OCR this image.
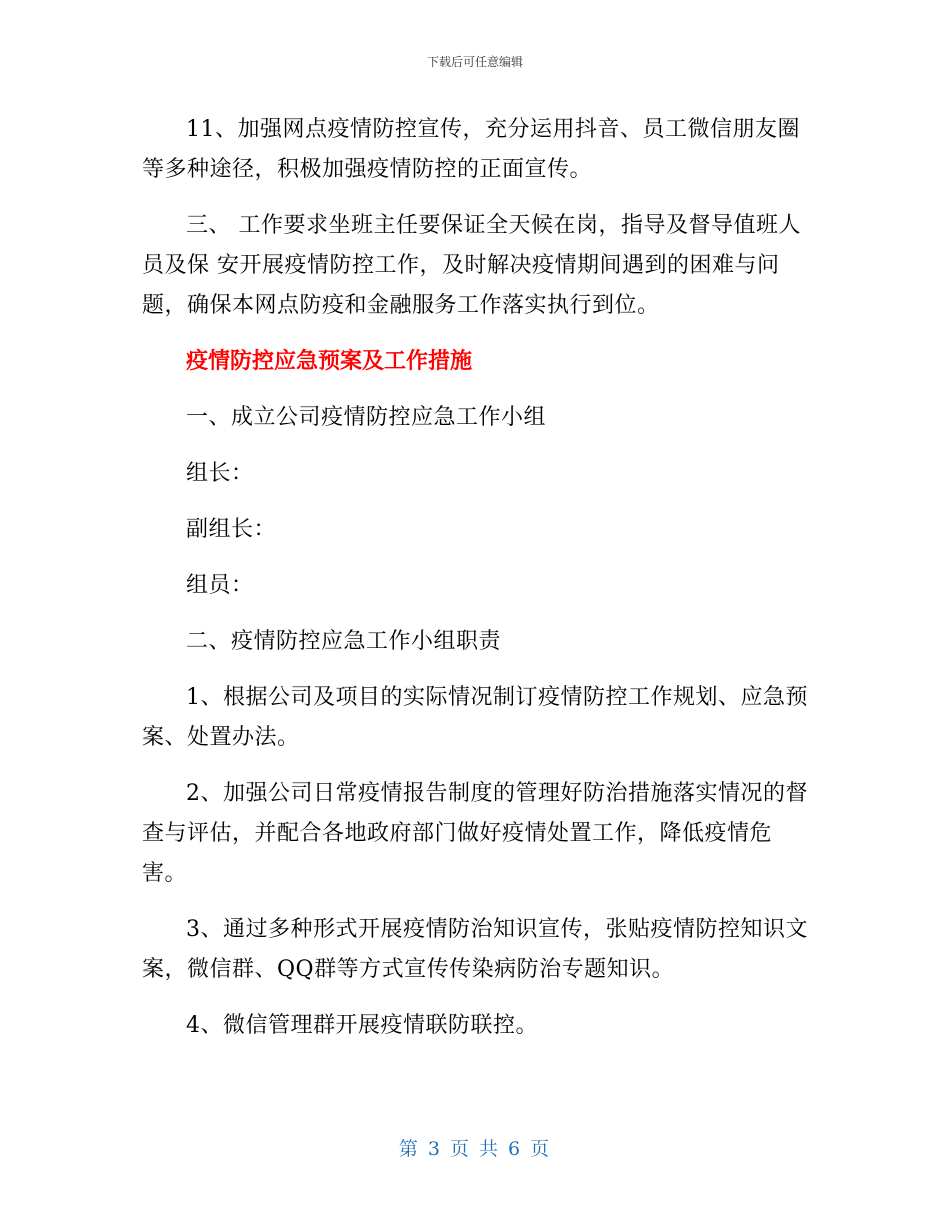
下载后可任意编辑

11、加强网点疫情防控宣传，充分运用抖音、员工微信朋友圈等多种途径，积极加强疫情防控的正面宣传。

三、 工作要求坐班主任要保证全天候在岗，指导及督导值班人员及保 安开展疫情防控工作，及时解决疫情期间遇到的困难与问题，确保本网点防疫和金融服务工作落实执行到位。

疫情防控应急预案及工作措施

一、成立公司疫情防控应急工作小组

组长：

副组长：

组员：

二、疫情防控应急工作小组职责

1、根据公司及项目的实际情况制订疫情防控工作规划、应急预案、处置办法。

2、加强公司日常疫情报告制度的管理好防治措施落实情况的督查与评估，并配合各地政府部门做好疫情处置工作，降低疫情危害。

3、通过多种形式开展疫情防治知识宣传，张贴疫情防控知识文案，微信群、QQ群等方式宣传传染病防治专题知识。

4、微信管理群开展疫情联防联控。

第 3 页 共 6 页
